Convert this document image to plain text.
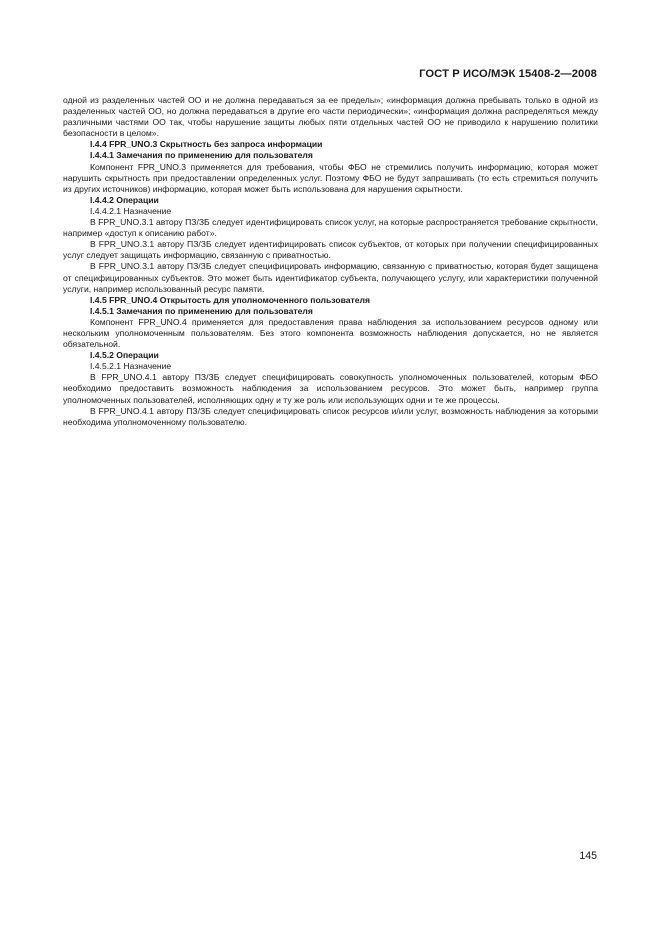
ГОСТ Р ИСО/МЭК 15408-2—2008

одной из разделенных частей ОО и не должна передаваться за ее пределы»; «информация должна пребывать только в одной из разделенных частей ОО, но должна передаваться в другие его части периодически»; «информация должна распределяться между различными частями ОО так, чтобы нарушение защиты любых пяти отдельных частей ОО не приводило к нарушению политики безопасности в целом».

I.4.4 FPR_UNO.3 Скрытность без запроса информации

I.4.4.1 Замечания по применению для пользователя

Компонент FPR_UNO.3 применяется для требования, чтобы ФБО не стремились получить информацию, которая может нарушить скрытность при предоставлении определенных услуг. Поэтому ФБО не будут запрашивать (то есть стремиться получить из других источников) информацию, которая может быть использована для нарушения скрытности.

I.4.4.2 Операции

I.4.4.2.1 Назначение

В FPR_UNO.3.1 автору ПЗ/ЗБ следует идентифицировать список услуг, на которые распространяется требование скрытности, например «доступ к описанию работ».

В FPR_UNO.3.1 автору ПЗ/ЗБ следует идентифицировать список субъектов, от которых при получении специфицированных услуг следует защищать информацию, связанную с приватностью.

В FPR_UNO.3.1 автору ПЗ/ЗБ следует специфицировать информацию, связанную с приватностью, которая будет защищена от специфицированных субъектов. Это может быть идентификатор субъекта, получающего услугу, или характеристики полученной услуги, например использованный ресурс памяти.

I.4.5 FPR_UNO.4 Открытость для уполномоченного пользователя

I.4.5.1 Замечания по применению для пользователя

Компонент FPR_UNO.4 применяется для предоставления права наблюдения за использованием ресурсов одному или нескольким уполномоченным пользователям. Без этого компонента возможность наблюдения допускается, но не является обязательной.

I.4.5.2 Операции

I.4.5.2.1 Назначение

В FPR_UNO.4.1 автору ПЗ/ЗБ следует специфицировать совокупность уполномоченных пользователей, которым ФБО необходимо предоставить возможность наблюдения за использованием ресурсов. Это может быть, например группа уполномоченных пользователей, исполняющих одну и ту же роль или использующих одни и те же процессы.

В FPR_UNO.4.1 автору ПЗ/ЗБ следует специфицировать список ресурсов и/или услуг, возможность наблюдения за которыми необходима уполномоченному пользователю.

145
